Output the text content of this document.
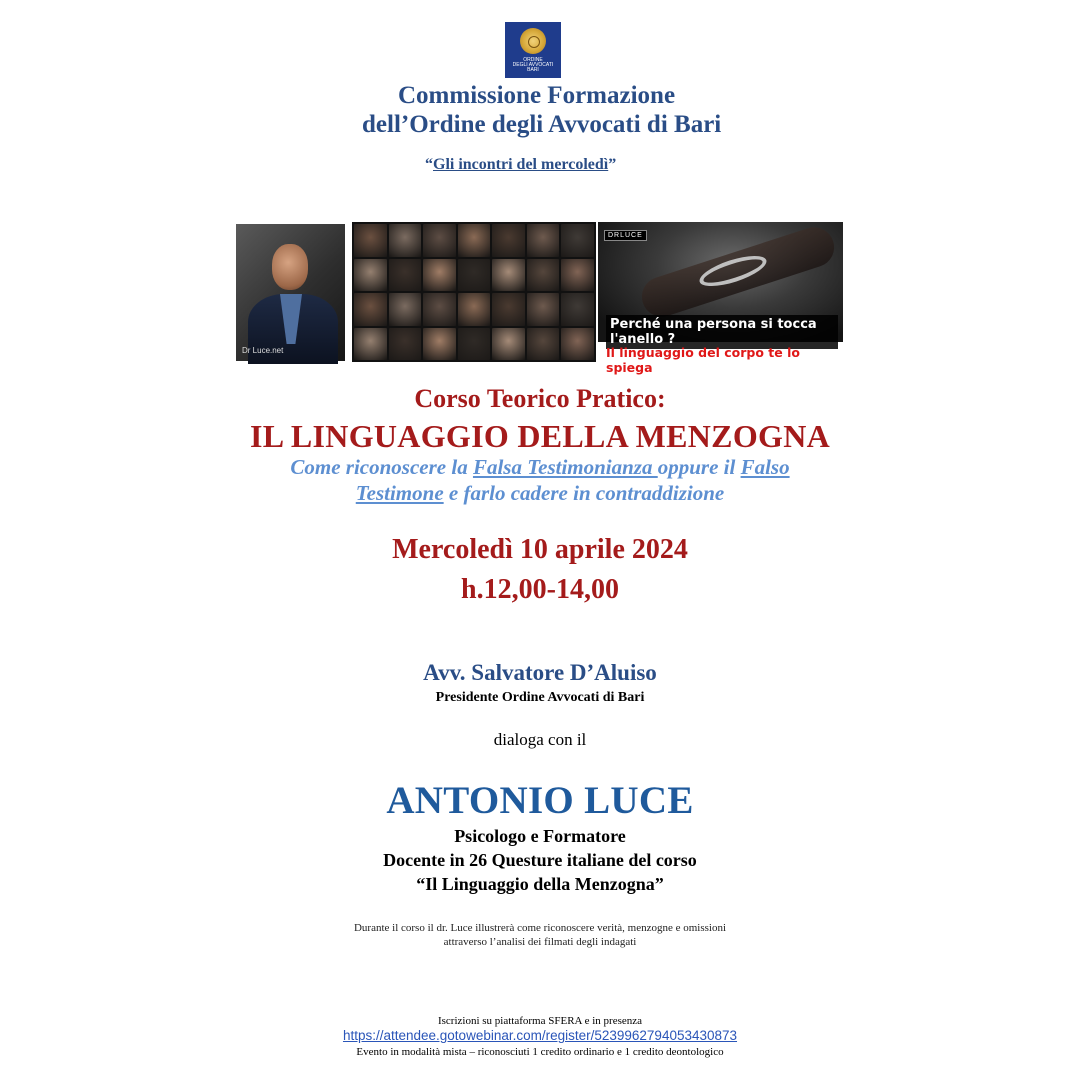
ORDINE
DEGLI AVVOCATI
BARI
Commissione Formazione
dell’Ordine degli Avvocati di Bari
“Gli incontri del mercoledì”
Dr Luce.net
DRLUCE
Perché una persona si tocca l'anello ?
Il linguaggio del corpo te lo spiega
Corso Teorico Pratico:
IL LINGUAGGIO DELLA MENZOGNA
Come riconoscere la Falsa Testimonianza oppure il Falso
Testimone e farlo cadere in contraddizione
Mercoledì 10 aprile 2024
h.12,00-14,00
Avv. Salvatore D’Aluiso
Presidente Ordine Avvocati di Bari
dialoga con il
ANTONIO LUCE
Psicologo e Formatore
Docente in 26 Questure italiane del corso
“Il Linguaggio della Menzogna”
Durante il corso il dr. Luce illustrerà come riconoscere verità, menzogne e omissioni
attraverso l’analisi dei filmati degli indagati
Iscrizioni su piattaforma SFERA e in presenza
https://attendee.gotowebinar.com/register/5239962794053430873
Evento in modalità mista – riconosciuti 1 credito ordinario e 1 credito deontologico
